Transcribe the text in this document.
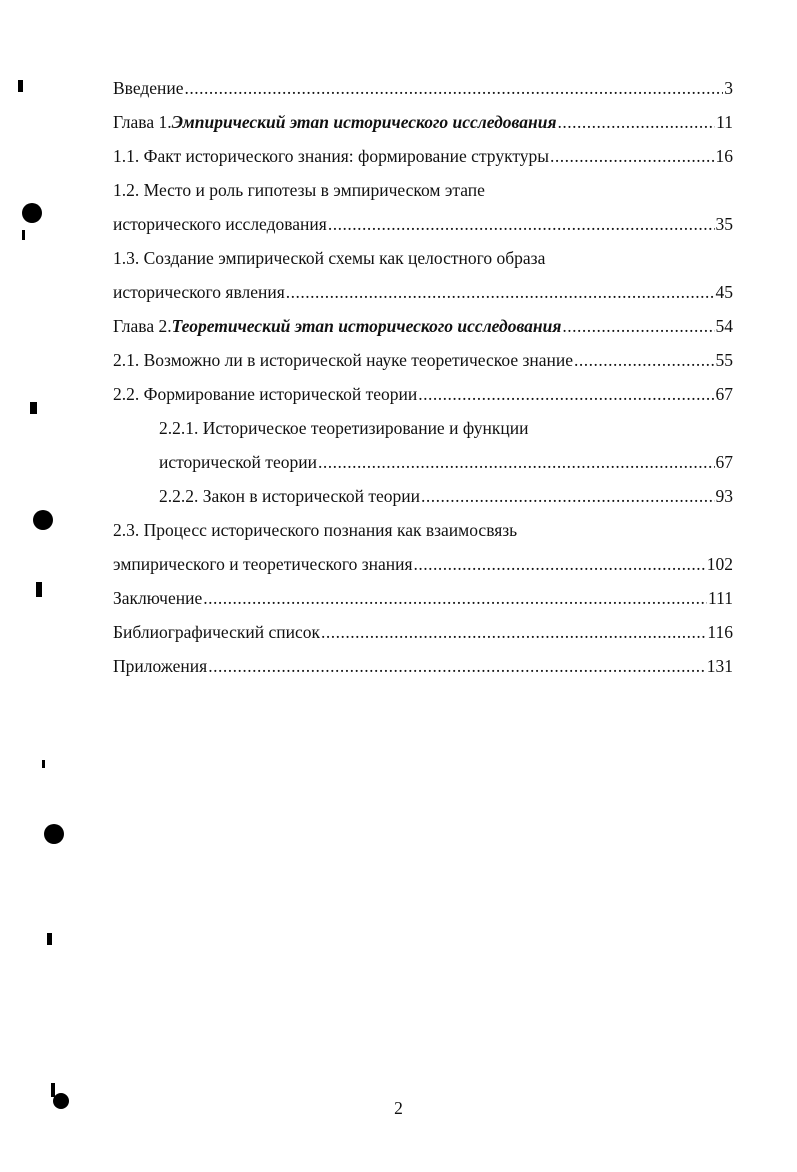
Введение .....	3
Глава 1. Эмпирический этап исторического исследования .....	11
1.1. Факт исторического знания: формирование структуры .....	16
1.2. Место и роль гипотезы в эмпирическом этапе
исторического исследования .....	35
1.3. Создание эмпирической схемы как целостного образа
исторического явления .....	45
Глава 2. Теоретический этап исторического исследования .....	54
2.1. Возможно ли в исторической науке теоретическое знание .....	55
2.2. Формирование исторической теории .....	67
2.2.1. Историческое теоретизирование и функции
исторической теории .....	67
2.2.2. Закон в исторической теории .....	93
2.3. Процесс исторического познания как взаимосвязь
эмпирического и теоретического знания .....	102
Заключение .....	111
Библиографический список .....	116
Приложения .....	131
2
